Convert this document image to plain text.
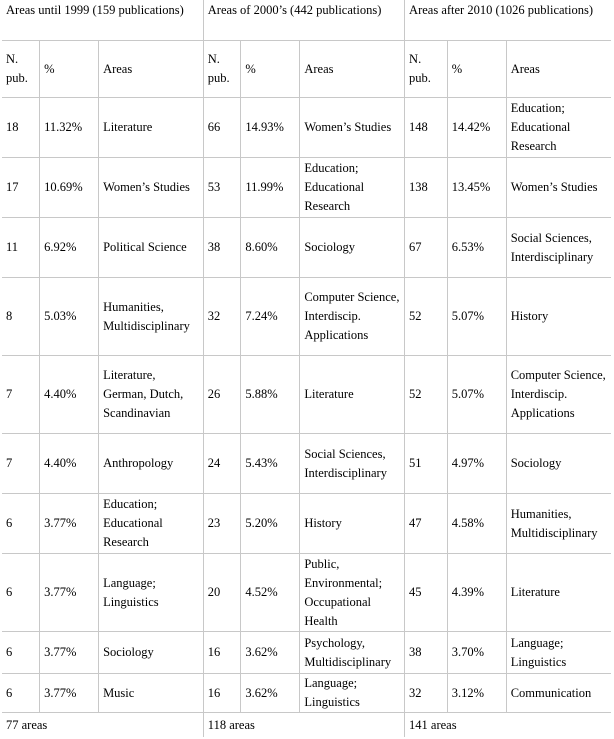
Areas until 1999 (159 publications)			Areas of 2000’s (442 publications)			Areas after 2010 (1026 publications)		
N. pub.	%	Areas	N. pub.	%	Areas	N. pub.	%	Areas
18	11.32%	Literature	66	14.93%	Women’s Studies	148	14.42%	Education; Educational Research
17	10.69%	Women’s Studies	53	11.99%	Education; Educational Research	138	13.45%	Women’s Studies
11	6.92%	Political Science	38	8.60%	Sociology	67	6.53%	Social Sciences, Interdisciplinary
8	5.03%	Humanities, Multidisciplinary	32	7.24%	Computer Science, Interdiscip. Applications	52	5.07%	History
7	4.40%	Literature, German, Dutch, Scandinavian	26	5.88%	Literature	52	5.07%	Computer Science, Interdiscip. Applications
7	4.40%	Anthropology	24	5.43%	Social Sciences, Interdisciplinary	51	4.97%	Sociology
6	3.77%	Education; Educational Research	23	5.20%	History	47	4.58%	Humanities, Multidisciplinary
6	3.77%	Language; Linguistics	20	4.52%	Public, Environmental; Occupational Health	45	4.39%	Literature
6	3.77%	Sociology	16	3.62%	Psychology, Multidisciplinary	38	3.70%	Language; Linguistics
6	3.77%	Music	16	3.62%	Language; Linguistics	32	3.12%	Communication
77 areas			118 areas			141 areas		
